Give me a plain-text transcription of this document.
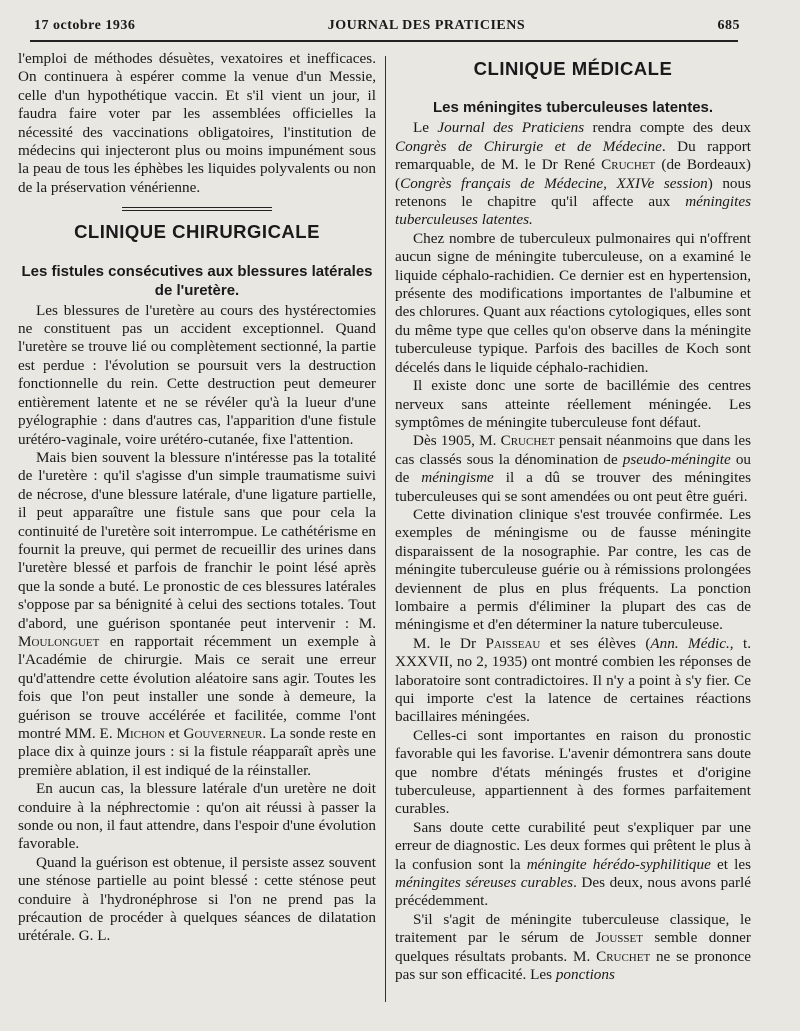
17 octobre 1936	JOURNAL DES PRATICIENS	685

l'emploi de méthodes désuètes, vexatoires et inefficaces. On continuera à espérer comme la venue d'un Messie, celle d'un hypothétique vaccin. Et s'il vient un jour, il faudra faire voter par les assemblées officielles la nécessité des vaccinations obligatoires, l'institution de médecins qui injecteront plus ou moins impunément sous la peau de tous les éphèbes les liquides polyvalents ou non de la préservation vénérienne.

CLINIQUE CHIRURGICALE
Les fistules consécutives aux blessures latérales de l'uretère.

Les blessures de l'uretère au cours des hystérectomies ne constituent pas un accident exceptionnel. Quand l'uretère se trouve lié ou complètement sectionné, la partie est perdue : l'évolution se poursuit vers la destruction fonctionnelle du rein. Cette destruction peut demeurer entièrement latente et ne se révéler qu'à la lueur d'une pyélographie : dans d'autres cas, l'apparition d'une fistule urétéro-vaginale, voire urétéro-cutanée, fixe l'attention.

Mais bien souvent la blessure n'intéresse pas la totalité de l'uretère : qu'il s'agisse d'un simple traumatisme suivi de nécrose, d'une blessure latérale, d'une ligature partielle, il peut apparaître une fistule sans que pour cela la continuité de l'uretère soit interrompue. Le cathétérisme en fournit la preuve, qui permet de recueillir des urines dans l'uretère blessé et parfois de franchir le point lésé après que la sonde a buté. Le pronostic de ces blessures latérales s'oppose par sa bénignité à celui des sections totales. Tout d'abord, une guérison spontanée peut intervenir : M. Moulonguet en rapportait récemment un exemple à l'Académie de chirurgie. Mais ce serait une erreur qu'd'attendre cette évolution aléatoire sans agir. Toutes les fois que l'on peut installer une sonde à demeure, la guérison se trouve accélérée et facilitée, comme l'ont montré MM. E. Michon et Gouverneur. La sonde reste en place dix à quinze jours : si la fistule réapparaît après une première ablation, il est indiqué de la réinstaller.

En aucun cas, la blessure latérale d'un uretère ne doit conduire à la néphrectomie : qu'on ait réussi à passer la sonde ou non, il faut attendre, dans l'espoir d'une évolution favorable.

Quand la guérison est obtenue, il persiste assez souvent une sténose partielle au point blessé : cette sténose peut conduire à l'hydronéphrose si l'on ne prend pas la précaution de procéder à quelques séances de dilatation urétérale. G. L.

CLINIQUE MÉDICALE
Les méningites tuberculeuses latentes.

Le Journal des Praticiens rendra compte des deux Congrès de Chirurgie et de Médecine. Du rapport remarquable, de M. le Dr René Cruchet (de Bordeaux) (Congrès français de Médecine, XXIVe session) nous retenons le chapitre qu'il affecte aux méningites tuberculeuses latentes.

Chez nombre de tuberculeux pulmonaires qui n'offrent aucun signe de méningite tuberculeuse, on a examiné le liquide céphalo-rachidien. Ce dernier est en hypertension, présente des modifications importantes de l'albumine et des chlorures. Quant aux réactions cytologiques, elles sont du même type que celles qu'on observe dans la méningite tuberculeuse typique. Parfois des bacilles de Koch sont décelés dans le liquide céphalo-rachidien.

Il existe donc une sorte de bacillémie des centres nerveux sans atteinte réellement méningée. Les symptômes de méningite tuberculeuse font défaut.

Dès 1905, M. Cruchet pensait néanmoins que dans les cas classés sous la dénomination de pseudo-méningite ou de méningisme il a dû se trouver des méningites tuberculeuses qui se sont amendées ou ont peut être guéri.

Cette divination clinique s'est trouvée confirmée. Les exemples de méningisme ou de fausse méningite disparaissent de la nosographie. Par contre, les cas de méningite tuberculeuse guérie ou à rémissions prolongées deviennent de plus en plus fréquents. La ponction lombaire a permis d'éliminer la plupart des cas de méningisme et d'en déterminer la nature tuberculeuse.

M. le Dr Paisseau et ses élèves (Ann. Médic., t. XXXVII, no 2, 1935) ont montré combien les réponses de laboratoire sont contradictoires. Il n'y a point à s'y fier. Ce qui importe c'est la latence de certaines réactions bacillaires méningées.

Celles-ci sont importantes en raison du pronostic favorable qui les favorise. L'avenir démontrera sans doute que nombre d'états méningés frustes et d'origine tuberculeuse, appartiennent à des formes parfaitement curables.

Sans doute cette curabilité peut s'expliquer par une erreur de diagnostic. Les deux formes qui prêtent le plus à la confusion sont la méningite hérédo-syphilitique et les méningites séreuses curables. Des deux, nous avons parlé précédemment.

S'il s'agit de méningite tuberculeuse classique, le traitement par le sérum de Jousset semble donner quelques résultats probants. M. Cruchet ne se prononce pas sur son efficacité. Les ponctions
